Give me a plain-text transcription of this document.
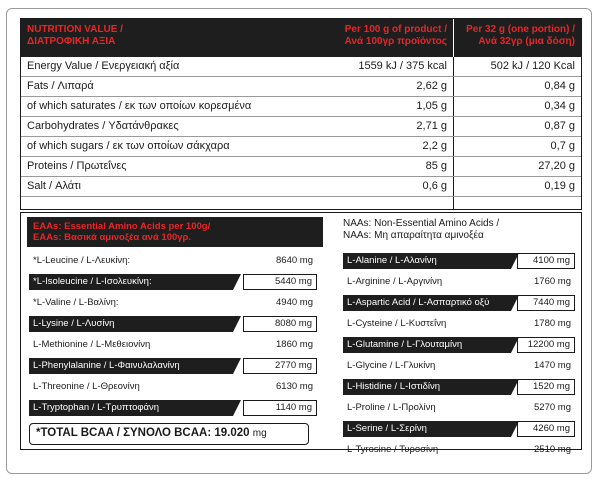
NUTRITION VALUE /
ΔΙΑΤΡΟΦΙΚΗ ΑΞΙΑ
Per 100 g of product /
Ανά 100γρ προϊόντος
Per 32 g (one portion) /
Ανά 32γρ (μια δόση)
Energy Value / Ενεργειακή αξία	1559 kJ / 375 kcal	502 kJ / 120 Kcal
Fats / Λιπαρά	2,62 g	0,84 g
of which saturates / εκ των οποίων κορεσμένα	1,05 g	0,34 g
Carbohydrates / Υδατάνθρακες	2,71 g	0,87 g
of which sugars / εκ των οποίων σάκχαρα	2,2 g	0,7 g
Proteins / Πρωτεΐνες	85 g	27,20 g
Salt / Αλάτι	0,6 g	0,19 g
EAAs: Essential Amino Acids per 100g/
EAAs: Βασικά αμινοξέα ανά 100γρ.
NAAs: Non-Essential Amino Acids /
NAAs: Μη απαραίτητα αμινοξέα
*L-Leucine / L-Λευκίνη:	8640 mg
*L-Isoleucine / L-Ισολευκίνη:	5440 mg
*L-Valine / L-Βαλίνη:	4940 mg
L-Lysine / L-Λυσίνη	8080 mg
L-Methionine / L-Μεθειονίνη	1860 mg
L-Phenylalanine / L-Φαινυλαλανίνη	2770 mg
L-Threonine / L-Θρεονίνη	6130 mg
L-Tryptophan / L-Τρυπτοφάνη	1140 mg
L-Alanine / L-Αλανίνη	4100 mg
L-Arginine / L-Αργινίνη	1760 mg
L-Aspartic Acid / L-Ασπαρτικό οξύ	7440 mg
L-Cysteine / L-Κυστεΐνη	1780 mg
L-Glutamine / L-Γλουταμίνη	12200 mg
L-Glycine / L-Γλυκίνη	1470 mg
L-Histidine / L-Ιστιδίνη	1520 mg
L-Proline / L-Προλίνη	5270 mg
L-Serine / L-Σερίνη	4260 mg
L-Tyrosine / Τυροσίνη	2510 mg
*TOTAL BCAA / ΣΥΝΟΛΟ BCAA: 19.020 mg
